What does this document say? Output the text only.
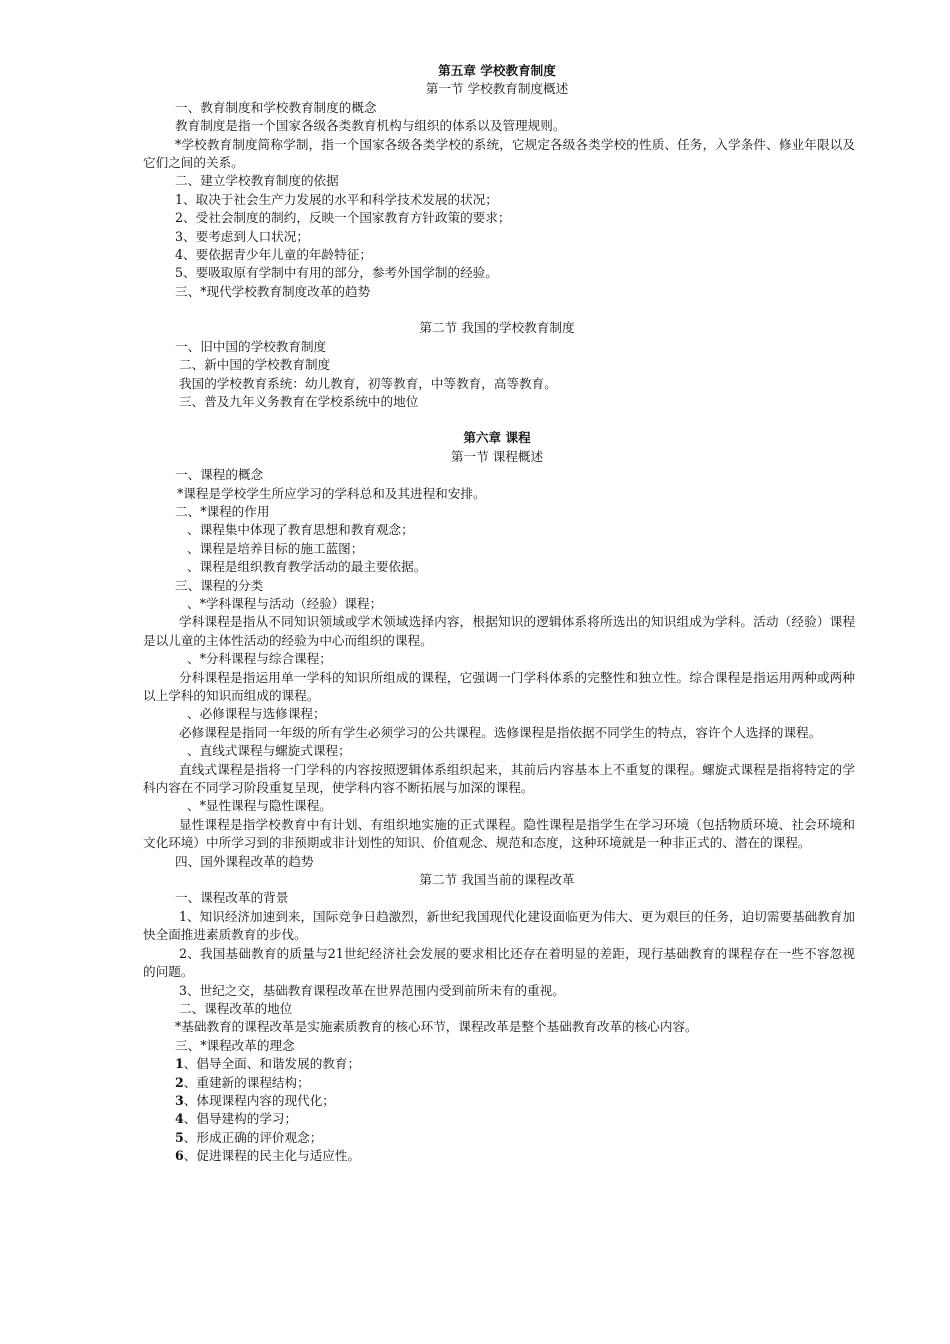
第五章 学校教育制度

第一节 学校教育制度概述

一、教育制度和学校教育制度的概念

教育制度是指一个国家各级各类教育机构与组织的体系以及管理规则。

*学校教育制度简称学制，指一个国家各级各类学校的系统，它规定各级各类学校的性质、任务，入学条件、修业年限以及它们之间的关系。

二、建立学校教育制度的依据

1、取决于社会生产力发展的水平和科学技术发展的状况；

2、受社会制度的制约，反映一个国家教育方针政策的要求；

3、要考虑到人口状况；

4、要依据青少年儿童的年龄特征；

5、要吸取原有学制中有用的部分，参考外国学制的经验。

三、*现代学校教育制度改革的趋势

第二节 我国的学校教育制度

一、旧中国的学校教育制度

二、新中国的学校教育制度

我国的学校教育系统：幼儿教育，初等教育，中等教育，高等教育。

三、普及九年义务教育在学校系统中的地位

第六章 课程

第一节 课程概述

一、课程的概念

*课程是学校学生所应学习的学科总和及其进程和安排。

二、*课程的作用

、课程集中体现了教育思想和教育观念；

、课程是培养目标的施工蓝图；

、课程是组织教育教学活动的最主要依据。

三、课程的分类

、*学科课程与活动（经验）课程；

学科课程是指从不同知识领域或学术领域选择内容，根据知识的逻辑体系将所选出的知识组成为学科。活动（经验）课程是以儿童的主体性活动的经验为中心而组织的课程。

、*分科课程与综合课程；

分科课程是指运用单一学科的知识所组成的课程，它强调一门学科体系的完整性和独立性。综合课程是指运用两种或两种以上学科的知识而组成的课程。

、必修课程与选修课程；

必修课程是指同一年级的所有学生必须学习的公共课程。选修课程是指依据不同学生的特点，容许个人选择的课程。

、直线式课程与螺旋式课程；

直线式课程是指将一门学科的内容按照逻辑体系组织起来，其前后内容基本上不重复的课程。螺旋式课程是指将特定的学科内容在不同学习阶段重复呈现，使学科内容不断拓展与加深的课程。

、*显性课程与隐性课程。

显性课程是指学校教育中有计划、有组织地实施的正式课程。隐性课程是指学生在学习环境（包括物质环境、社会环境和文化环境）中所学习到的非预期或非计划性的知识、价值观念、规范和态度，这种环境就是一种非正式的、潜在的课程。

四、国外课程改革的趋势

第二节 我国当前的课程改革

一、课程改革的背景

1、知识经济加速到来，国际竞争日趋激烈，新世纪我国现代化建设面临更为伟大、更为艰巨的任务，迫切需要基础教育加快全面推进素质教育的步伐。

2、我国基础教育的质量与21世纪经济社会发展的要求相比还存在着明显的差距，现行基础教育的课程存在一些不容忽视的问题。

3、世纪之交，基础教育课程改革在世界范围内受到前所未有的重视。

二、课程改革的地位

*基础教育的课程改革是实施素质教育的核心环节，课程改革是整个基础教育改革的核心内容。

三、*课程改革的理念

1、倡导全面、和谐发展的教育；

2、重建新的课程结构；

3、体现课程内容的现代化；

4、倡导建构的学习；

5、形成正确的评价观念；

6、促进课程的民主化与适应性。
